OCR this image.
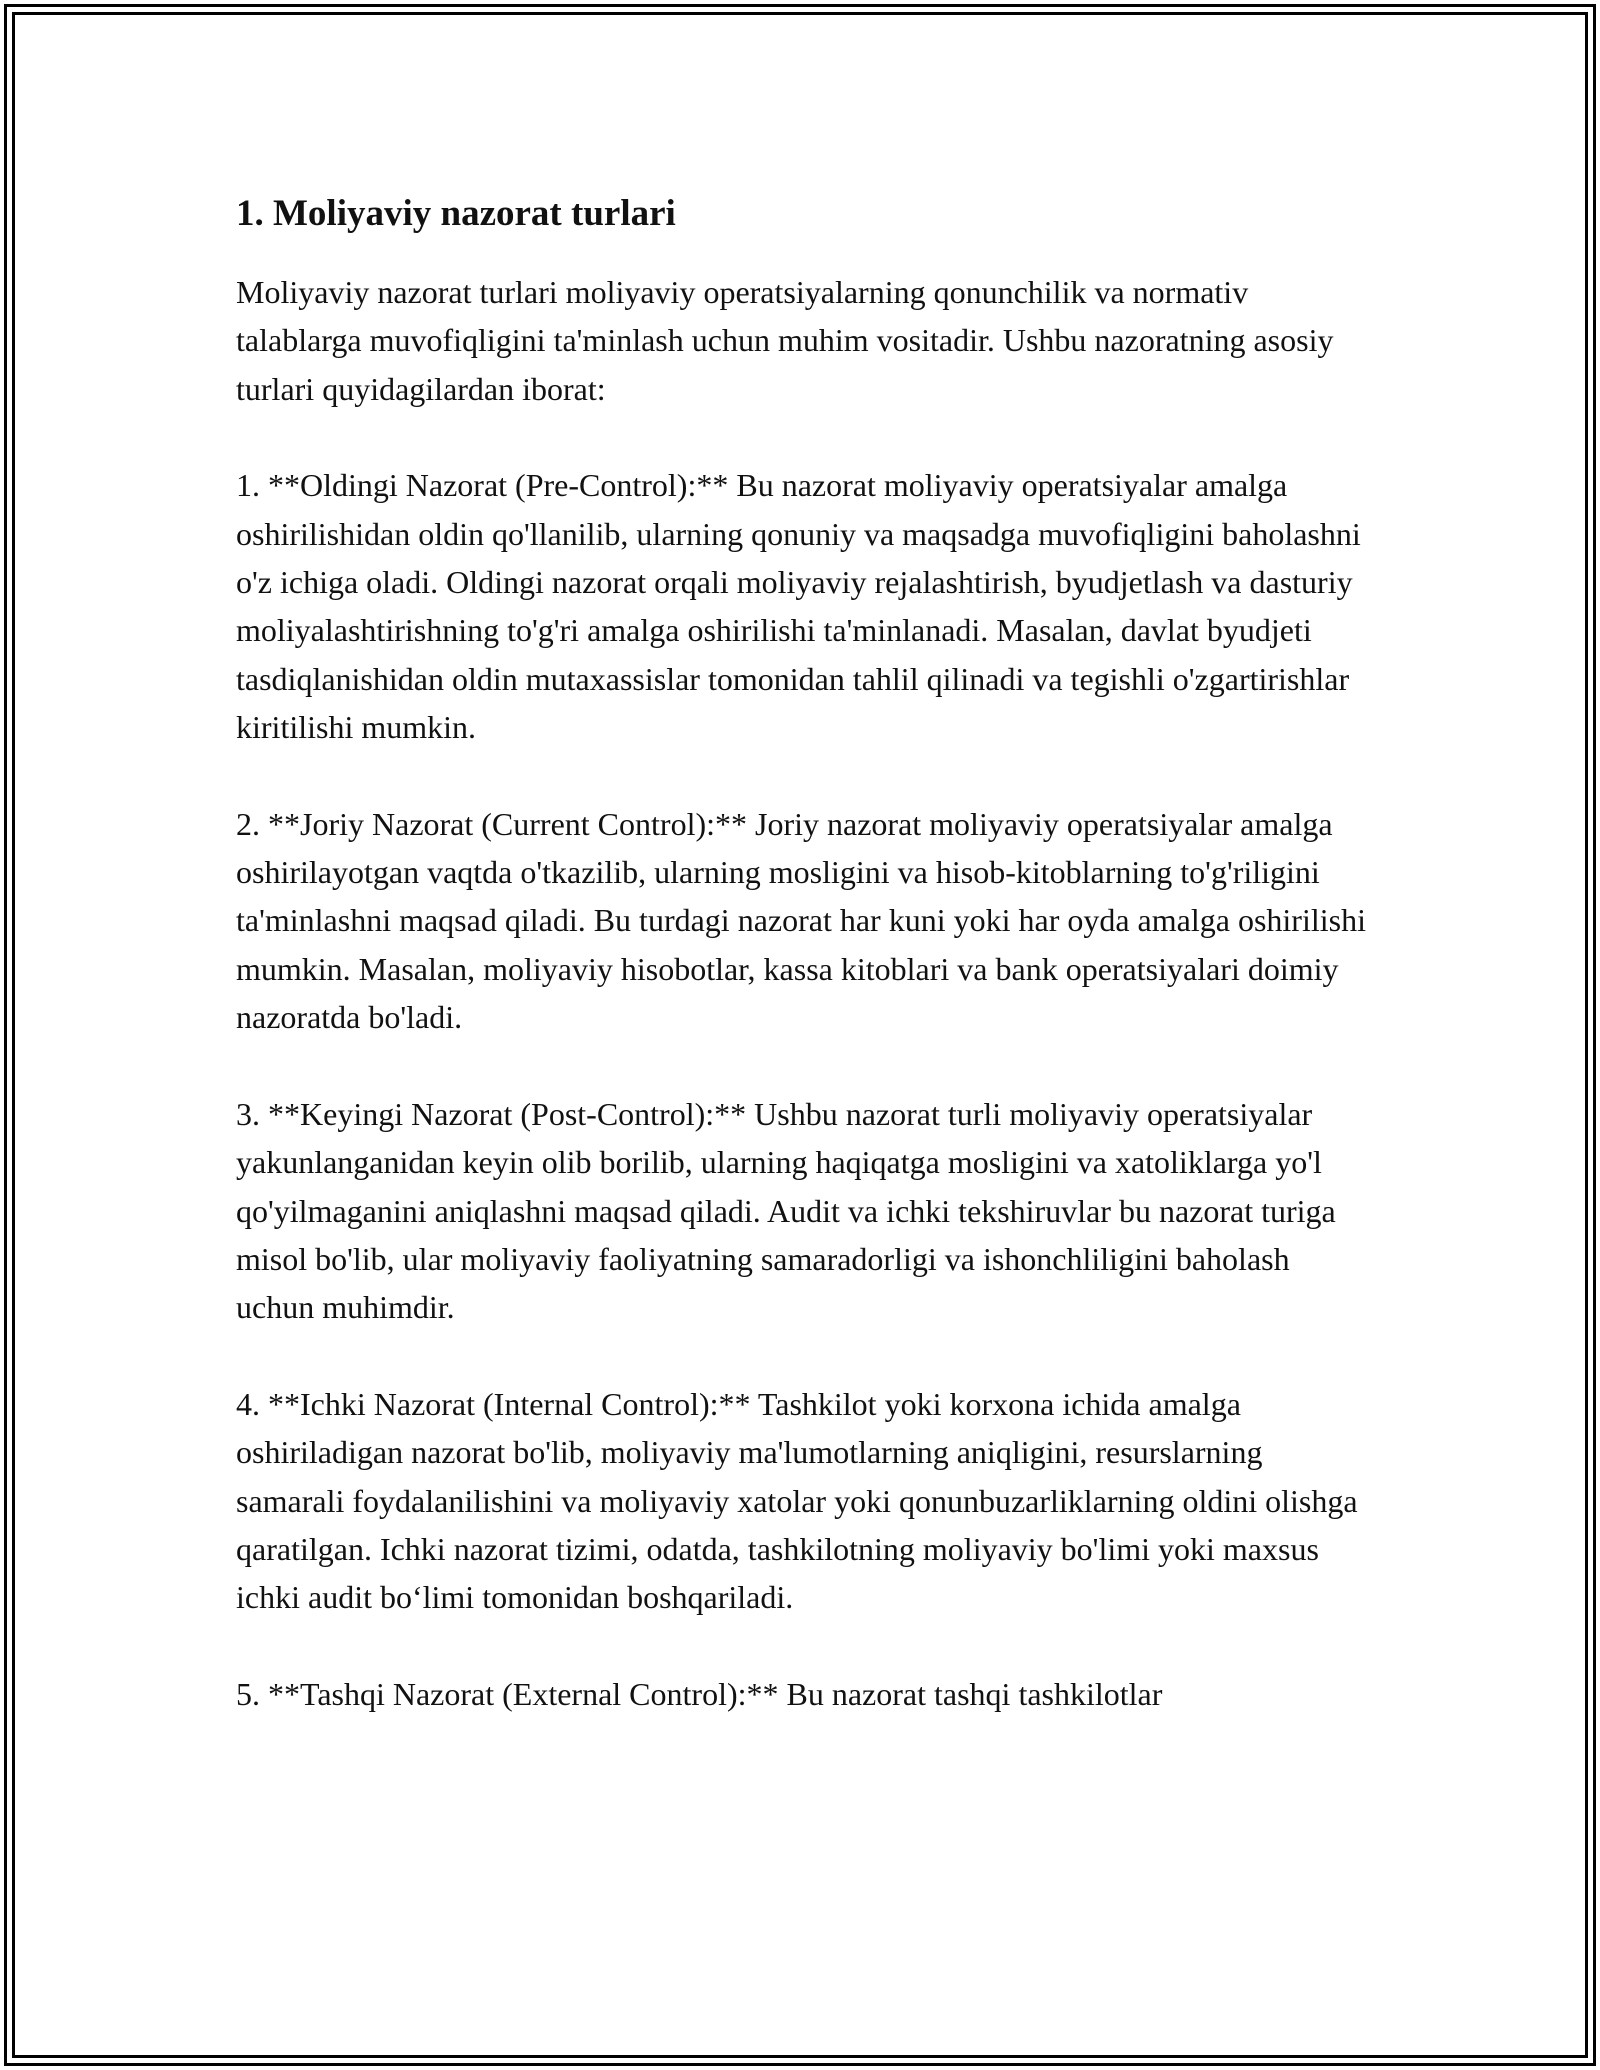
1. Moliyaviy nazorat turlari

Moliyaviy nazorat turlari moliyaviy operatsiyalarning qonunchilik va normativ talablarga muvofiqligini ta'minlash uchun muhim vositadir. Ushbu nazoratning asosiy turlari quyidagilardan iborat:

1. **Oldingi Nazorat (Pre-Control):** Bu nazorat moliyaviy operatsiyalar amalga oshirilishidan oldin qo'llanilib, ularning qonuniy va maqsadga muvofiqligini baholashni o'z ichiga oladi. Oldingi nazorat orqali moliyaviy rejalashtirish, byudjetlash va dasturiy moliyalashtirishning to'g'ri amalga oshirilishi ta'minlanadi. Masalan, davlat byudjeti tasdiqlanishidan oldin mutaxassislar tomonidan tahlil qilinadi va tegishli o'zgartirishlar kiritilishi mumkin.

2. **Joriy Nazorat (Current Control):** Joriy nazorat moliyaviy operatsiyalar amalga oshirilayotgan vaqtda o'tkazilib, ularning mosligini va hisob-kitoblarning to'g'riligini ta'minlashni maqsad qiladi. Bu turdagi nazorat har kuni yoki har oyda amalga oshirilishi mumkin. Masalan, moliyaviy hisobotlar, kassa kitoblari va bank operatsiyalari doimiy nazoratda bo'ladi.

3. **Keyingi Nazorat (Post-Control):** Ushbu nazorat turli moliyaviy operatsiyalar yakunlanganidan keyin olib borilib, ularning haqiqatga mosligini va xatoliklarga yo'l qo'yilmaganini aniqlashni maqsad qiladi. Audit va ichki tekshiruvlar bu nazorat turiga misol bo'lib, ular moliyaviy faoliyatning samaradorligi va ishonchliligini baholash uchun muhimdir.

4. **Ichki Nazorat (Internal Control):** Tashkilot yoki korxona ichida amalga oshiriladigan nazorat bo'lib, moliyaviy ma'lumotlarning aniqligini, resurslarning samarali foydalanilishini va moliyaviy xatolar yoki qonunbuzarliklarning oldini olishga qaratilgan. Ichki nazorat tizimi, odatda, tashkilotning moliyaviy bo'limi yoki maxsus ichki audit bo‘limi tomonidan boshqariladi.

5. **Tashqi Nazorat (External Control):** Bu nazorat tashqi tashkilotlar
